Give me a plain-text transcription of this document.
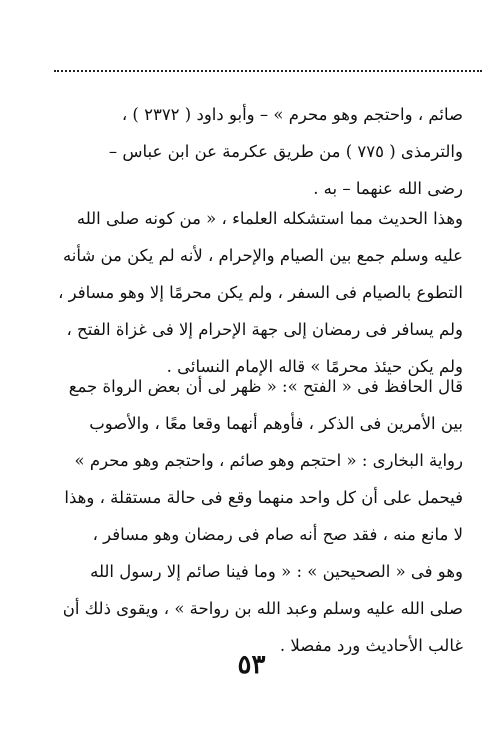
صائم ، واحتجم وهو محرم » – وأبو داود ( ٢٣٧٢ ) ،
والترمذى ( ٧٧٥ ) من طريق عكرمة عن ابن عباس –
رضى الله عنهما – به .
وهذا الحديث مما استشكله العلماء ، « من كونه صلى الله
عليه وسلم جمع بين الصيام والإحرام ، لأنه لم يكن من شأنه
التطوع بالصيام فى السفر ، ولم يكن محرمًا إلا وهو مسافر ،
ولم يسافر فى رمضان إلى جهة الإحرام إلا فى غزاة الفتح ،
ولم يكن حيئذ محرمًا » قاله الإمام النسائى .
قال الحافظ فى « الفتح »: « ظهر لى أن بعض الرواة جمع
بين الأمرين فى الذكر ، فأوهم أنهما وقعا معًا ، والأصوب
رواية البخارى : « احتجم وهو صائم ، واحتجم وهو محرم »
فيحمل على أن كل واحد منهما وقع فى حالة مستقلة ، وهذا
لا مانع منه ، فقد صح أنه صام فى رمضان وهو مسافر ،
وهو فى « الصحيحين » : « وما فينا صائم إلا رسول الله
صلى الله عليه وسلم وعبد الله بن رواحة » ، ويقوى ذلك أن
غالب الأحاديث ورد مفصلا .
٥٣
